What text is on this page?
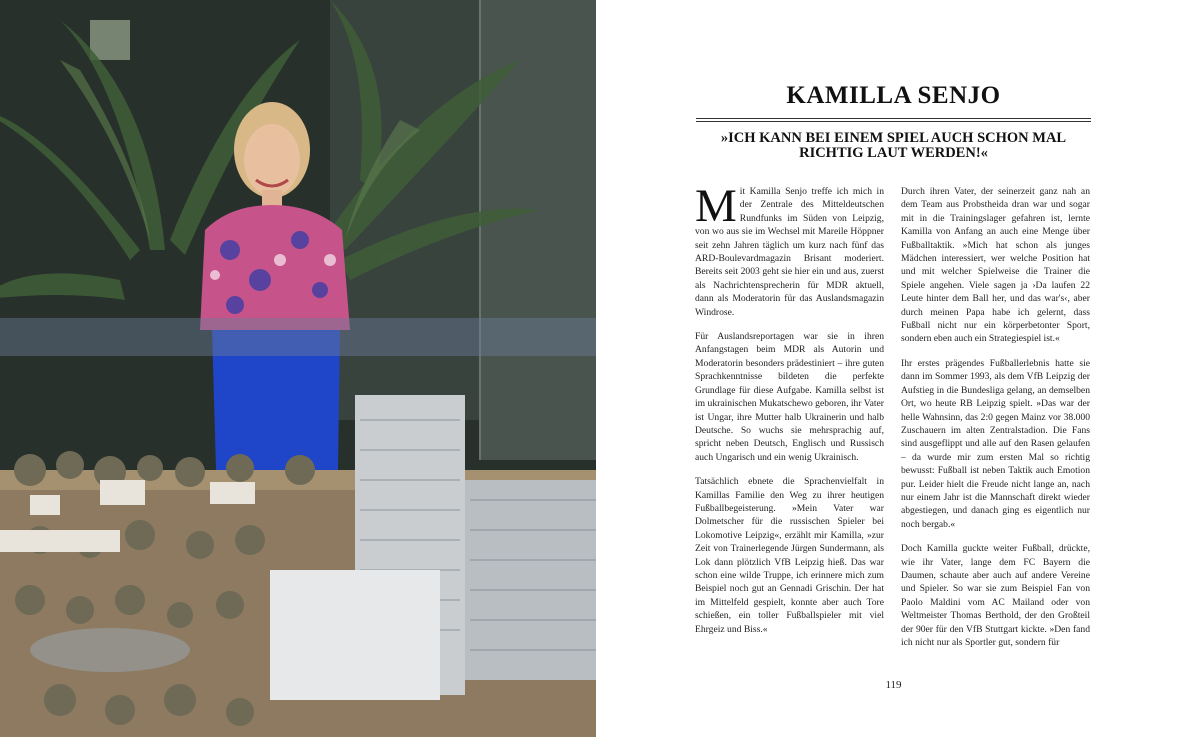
KAMILLA SENJO
»ICH KANN BEI EINEM SPIEL AUCH SCHON MAL RICHTIG LAUT WERDEN!«

Mit Kamilla Senjo treffe ich mich in der Zentrale des Mitteldeutschen Rundfunks im Süden von Leipzig, von wo aus sie im Wechsel mit Mareile Höppner seit zehn Jahren täglich um kurz nach fünf das ARD-Boulevardmagazin Brisant moderiert. Bereits seit 2003 geht sie hier ein und aus, zuerst als Nachrichtensprecherin für MDR aktuell, dann als Moderatorin für das Auslandsmagazin Windrose.

Für Auslandsreportagen war sie in ihren Anfangstagen beim MDR als Autorin und Moderatorin besonders prädestiniert – ihre guten Sprachkenntnisse bildeten die perfekte Grundlage für diese Aufgabe. Kamilla selbst ist im ukrainischen Mukatschewo geboren, ihr Vater ist Ungar, ihre Mutter halb Ukrainerin und halb Deutsche. So wuchs sie mehrsprachig auf, spricht neben Deutsch, Englisch und Russisch auch Ungarisch und ein wenig Ukrainisch.

Tatsächlich ebnete die Sprachenvielfalt in Kamillas Familie den Weg zu ihrer heutigen Fußballbegeisterung. »Mein Vater war Dolmetscher für die russischen Spieler bei Lokomotive Leipzig«, erzählt mir Kamilla, »zur Zeit von Trainerlegende Jürgen Sundermann, als Lok dann plötzlich VfB Leipzig hieß. Das war schon eine wilde Truppe, ich erinnere mich zum Beispiel noch gut an Gennadi Grischin. Der hat im Mittelfeld gespielt, konnte aber auch Tore schießen, ein toller Fußballspieler mit viel Ehrgeiz und Biss.«

Durch ihren Vater, der seinerzeit ganz nah an dem Team aus Probstheida dran war und sogar mit in die Trainingslager gefahren ist, lernte Kamilla von Anfang an auch eine Menge über Fußballtaktik. »Mich hat schon als junges Mädchen interessiert, wer welche Position hat und mit welcher Spielweise die Trainer die Spiele angehen. Viele sagen ja ›Da laufen 22 Leute hinter dem Ball her, und das war's‹, aber durch meinen Papa habe ich gelernt, dass Fußball nicht nur ein körperbetonter Sport, sondern eben auch ein Strategiespiel ist.«

Ihr erstes prägendes Fußballerlebnis hatte sie dann im Sommer 1993, als dem VfB Leipzig der Aufstieg in die Bundesliga gelang, an demselben Ort, wo heute RB Leipzig spielt. »Das war der helle Wahnsinn, das 2:0 gegen Mainz vor 38.000 Zuschauern im alten Zentralstadion. Die Fans sind ausgeflippt und alle auf den Rasen gelaufen – da wurde mir zum ersten Mal so richtig bewusst: Fußball ist neben Taktik auch Emotion pur. Leider hielt die Freude nicht lange an, nach nur einem Jahr ist die Mannschaft direkt wieder abgestiegen, und danach ging es eigentlich nur noch bergab.«

Doch Kamilla guckte weiter Fußball, drückte, wie ihr Vater, lange dem FC Bayern die Daumen, schaute aber auch auf andere Vereine und Spieler. So war sie zum Beispiel Fan von Paolo Maldini vom AC Mailand oder von Weltmeister Thomas Berthold, der den Großteil der 90er für den VfB Stuttgart kickte. »Den fand ich nicht nur als Sportler gut, sondern für

119
